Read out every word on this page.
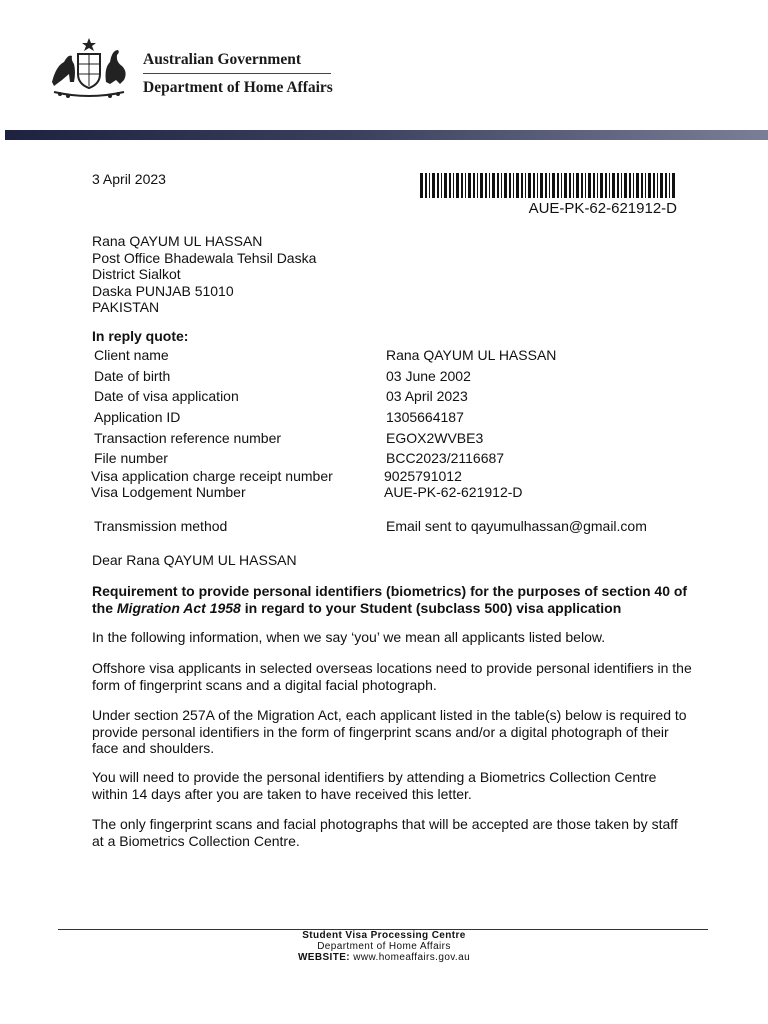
Australian Government
Department of Home Affairs
3 April 2023
AUE-PK-62-621912-D
Rana QAYUM UL HASSAN
Post Office Bhadewala Tehsil Daska
District Sialkot
Daska PUNJAB 51010
PAKISTAN
In reply quote:
Client name	Rana QAYUM UL HASSAN
Date of birth	03 June 2002
Date of visa application	03 April 2023
Application ID	1305664187
Transaction reference number	EGOX2WVBE3
File number	BCC2023/2116687
Visa application charge receipt number	9025791012
Visa Lodgement Number	AUE-PK-62-621912-D
Transmission method	Email sent to qayumulhassan@gmail.com
Dear Rana QAYUM UL HASSAN
Requirement to provide personal identifiers (biometrics) for the purposes of section 40 of the Migration Act 1958 in regard to your Student (subclass 500) visa application
In the following information, when we say ‘you’ we mean all applicants listed below.
Offshore visa applicants in selected overseas locations need to provide personal identifiers in the form of fingerprint scans and a digital facial photograph.
Under section 257A of the Migration Act, each applicant listed in the table(s) below is required to provide personal identifiers in the form of fingerprint scans and/or a digital photograph of their face and shoulders.
You will need to provide the personal identifiers by attending a Biometrics Collection Centre within 14 days after you are taken to have received this letter.
The only fingerprint scans and facial photographs that will be accepted are those taken by staff at a Biometrics Collection Centre.
Student Visa Processing Centre
Department of Home Affairs
WEBSITE: www.homeaffairs.gov.au
